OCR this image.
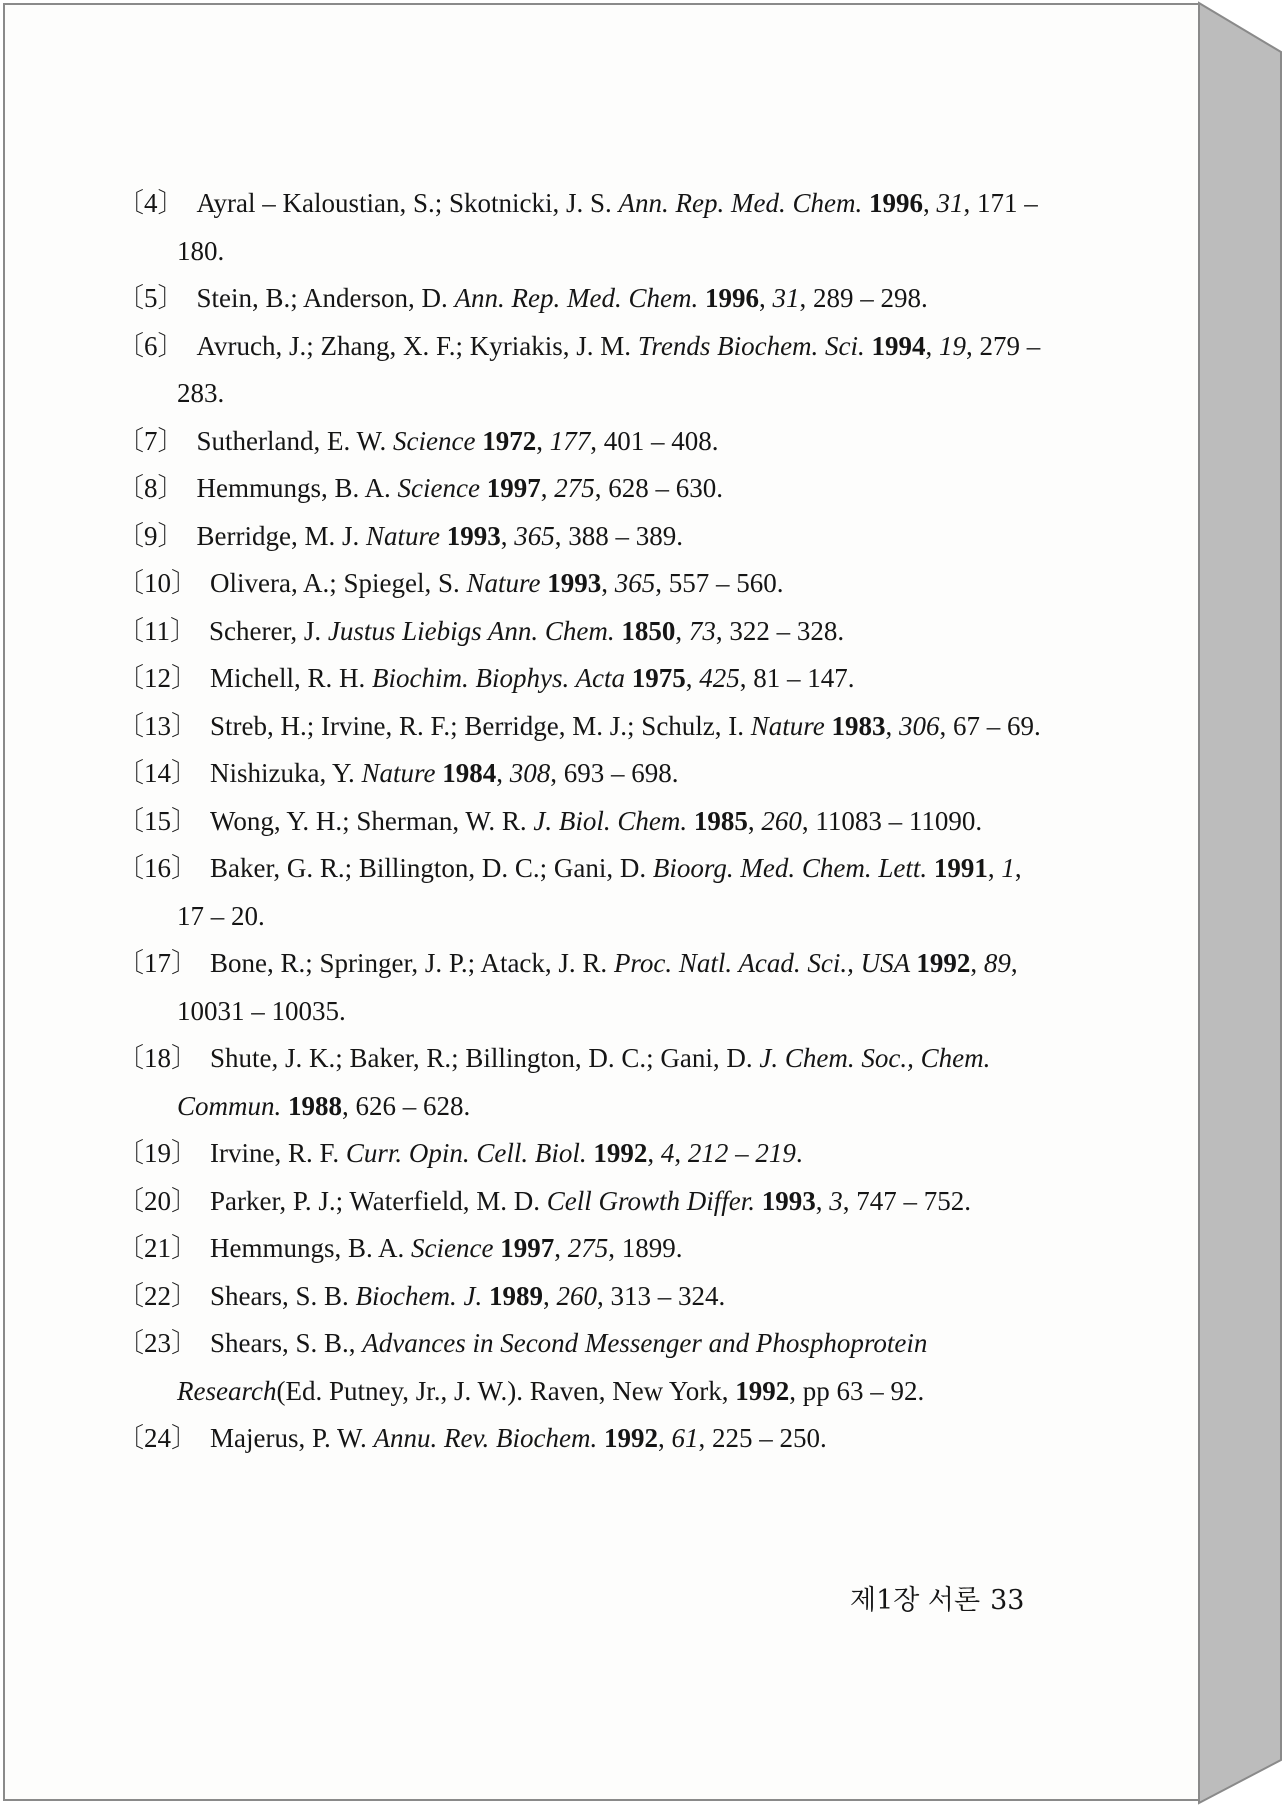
〔4〕 Ayral – Kaloustian, S.; Skotnicki, J. S. Ann. Rep. Med. Chem. 1996, 31, 171 – 180.
〔5〕 Stein, B.; Anderson, D. Ann. Rep. Med. Chem. 1996, 31, 289 – 298.
〔6〕 Avruch, J.; Zhang, X. F.; Kyriakis, J. M. Trends Biochem. Sci. 1994, 19, 279 – 283.
〔7〕 Sutherland, E. W. Science 1972, 177, 401 – 408.
〔8〕 Hemmungs, B. A. Science 1997, 275, 628 – 630.
〔9〕 Berridge, M. J. Nature 1993, 365, 388 – 389.
〔10〕 Olivera, A.; Spiegel, S. Nature 1993, 365, 557 – 560.
〔11〕 Scherer, J. Justus Liebigs Ann. Chem. 1850, 73, 322 – 328.
〔12〕 Michell, R. H. Biochim. Biophys. Acta 1975, 425, 81 – 147.
〔13〕 Streb, H.; Irvine, R. F.; Berridge, M. J.; Schulz, I. Nature 1983, 306, 67 – 69.
〔14〕 Nishizuka, Y. Nature 1984, 308, 693 – 698.
〔15〕 Wong, Y. H.; Sherman, W. R. J. Biol. Chem. 1985, 260, 11083 – 11090.
〔16〕 Baker, G. R.; Billington, D. C.; Gani, D. Bioorg. Med. Chem. Lett. 1991, 1, 17 – 20.
〔17〕 Bone, R.; Springer, J. P.; Atack, J. R. Proc. Natl. Acad. Sci., USA 1992, 89, 10031 – 10035.
〔18〕 Shute, J. K.; Baker, R.; Billington, D. C.; Gani, D. J. Chem. Soc., Chem. Commun. 1988, 626 – 628.
〔19〕 Irvine, R. F. Curr. Opin. Cell. Biol. 1992, 4, 212 – 219.
〔20〕 Parker, P. J.; Waterfield, M. D. Cell Growth Differ. 1993, 3, 747 – 752.
〔21〕 Hemmungs, B. A. Science 1997, 275, 1899.
〔22〕 Shears, S. B. Biochem. J. 1989, 260, 313 – 324.
〔23〕 Shears, S. B., Advances in Second Messenger and Phosphoprotein Research(Ed. Putney, Jr., J. W.). Raven, New York, 1992, pp 63 – 92.
〔24〕 Majerus, P. W. Annu. Rev. Biochem. 1992, 61, 225 – 250.
제1장 서론 33
